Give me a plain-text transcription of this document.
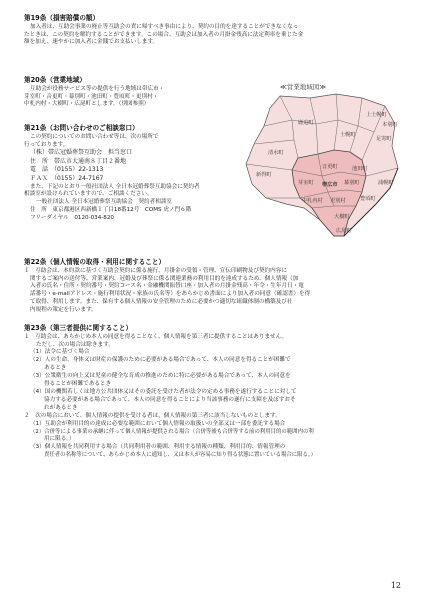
第19条（損害賠償の額）

加入者は、互助会事業の廃止等互助会の責に帰すべき事由により、契約の目的を達することができなくなっ

たときは、この契約を解約することができます。この場合、互助会は加入者の月掛金残高に法定利率を乗じた金

額を加え、速やかに加入者に金銭でお支払いします。

第20条（営業地域）

互助会が役務サービス等の提供を行う地域は帯広市・

芽室町・音更町・幕別町・池田町・豊頃町・更別村・

中札内村・大樹町・広尾町とします。（別図参照）

第21条（お問い合わせのご相談窓口）

この契約についてのお問い合わせ等は、次の場所で

行っております。

（株）帯広冠婚葬祭互助会　担当窓口

住　所　帯広市大通南８丁目２番地

電　話　（0155）22-1313

ＦＡＸ　（0155）24-7167

また、下記のとおり一般社団法人 全日本冠婚葬祭互助協会に契約者

相談室が設けられていますので、ご相談ください。

一般社団法人 全日本冠婚葬祭互助協会　契約者相談室

住　所　東京都港区西新橋１丁目18番12号　COMS 虎ノ門６階

フリーダイヤル　0120-034-820

≪営業地域図≫
上士幌町
本別町
鹿追町
士幌町
足寄町
清水町
音更町	池田町
新得町
浦幌町
芽室町 帯広市 幕別町
豊頃町
中札内村 更別村
大樹町
広尾町
第22条（個人情報の取得・利用に関すること）

１　互助会は、本約款に基づく互助会契約に係る施行、月掛金の受領・管理、宣伝印刷物及び契約内容に

関するご案内の送付等、営業案内、冠婚及び葬祭に係る関連業務の利用目的を達成するため、個人情報（加

入者の氏名・住所・契約番号・契約コース名・金融機関振替口座・加入者の月掛金残高・年令・生年月日・電

話番号・e-mailアドレス・施行利用状況・家族の氏名等）をあらかじめ書面により加入者の同意（確認書）を得

て取得、利用します。また、保有する個人情報の安全管理のために必要かつ適切な組織体制の構築及び社

内規程の策定を行います。

第23条（第三者提供に関すること）

１　互助会は、あらかじめ本人の同意を得ることなく、個人情報を第三者に提供することはありません。

ただし、次の場合は除きます。

（1）法令に基づく場合

（2）人の生命、身体又は財産の保護のために必要がある場合であって、本人の同意を得ることが困難で

あるとき

（3）公衆衛生の向上又は児童の健全な育成の推進のために特に必要がある場合であって、本人の同意を

得ることが困難であるとき

（4）国の機関若しくは地方公共団体又はその委託を受けた者が法令の定める事務を遂行することに対して

協力する必要がある場合であって、本人の同意を得ることにより当該事務の遂行に支障を及ぼすおそ

れがあるとき

２　次の場合において、個人情報の提供を受ける者は、個人情報の第三者に該当しないものとします。

（1）互助会が利用目的の達成に必要な範囲において個人情報の取扱いの全部又は一部を委託する場合

（2）合併等による事業の承継に伴って個人情報が提供される場合（合併等後も合併等する前の利用目的の範囲内の利

用に限る。）

（3）個人情報を共同利用する場合（共同利用者の範囲、利用する情報の種類、利用目的、情報管理の

責任者の名称等について、あらかじめ本人に通知し、又は本人が容易に知り得る状態に置いている場合に限る。）

12
